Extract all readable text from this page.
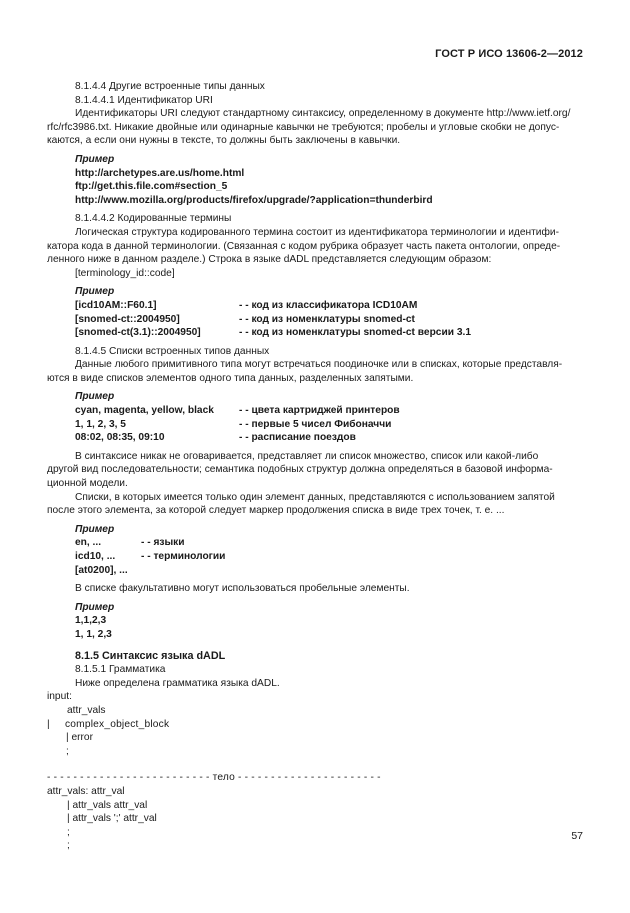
ГОСТ Р ИСО 13606-2—2012

8.1.4.4 Другие встроенные типы данных

8.1.4.4.1 Идентификатор URI

Идентификаторы URI следуют стандартному синтаксису, определенному в документе http://www.ietf.org/

rfc/rfc3986.txt. Никакие двойные или одинарные кавычки не требуются; пробелы и угловые скобки не допус-

каются, а если они нужны в тексте, то должны быть заключены в кавычки.

Пример

http://archetypes.are.us/home.html

ftp://get.this.file.com#section_5

http://www.mozilla.org/products/firefox/upgrade/?application=thunderbird

8.1.4.4.2 Кодированные термины

Логическая структура кодированного термина состоит из идентификатора терминологии и идентифи-

катора кода в данной терминологии. (Связанная с кодом рубрика образует часть пакета онтологии, опреде-

ленного ниже в данном разделе.) Строка в языке dADL представляется следующим образом:

[terminology_id::code]

Пример

[icd10AM::F60.1]	- - код из классификатора ICD10AM
[snomed-ct::2004950]	- - код из номенклатуры snomed-ct
[snomed-ct(3.1)::2004950]	- - код из номенклатуры snomed-ct версии 3.1

8.1.4.5 Списки встроенных типов данных

Данные любого примитивного типа могут встречаться поодиночке или в списках, которые представля-

ются в виде списков элементов одного типа данных, разделенных запятыми.

Пример

cyan, magenta, yellow, black	- - цвета картриджей принтеров
1, 1, 2, 3, 5	- - первые 5 чисел Фибоначчи
08:02, 08:35, 09:10	- - расписание поездов

В синтаксисе никак не оговаривается, представляет ли список множество, список или какой-либо

другой вид последовательности; семантика подобных структур должна определяться в базовой информа-

ционной модели.

Списки, в которых имеется только один элемент данных, представляются с использованием запятой

после этого элемента, за которой следует маркер продолжения списка в виде трех точек, т. е. ...

Пример

en, ...	- - языки
icd10, ...	- - терминологии
[at0200], ...

В списке факультативно могут использоваться пробельные элементы.

Пример

1,1,2,3

1, 1, 2,3

8.1.5 Синтаксис языка dADL

8.1.5.1 Грамматика

Ниже определена грамматика языка dADL.

input:

attr_vals

|     complex_object_block

| error

;

- - - - - - - - - - - - - - - - - - - - - - - - - тело - - - - - - - - - - - - - - - - - - - - - -

attr_vals: attr_val

| attr_vals attr_val

| attr_vals ';' attr_val

;

;

57
